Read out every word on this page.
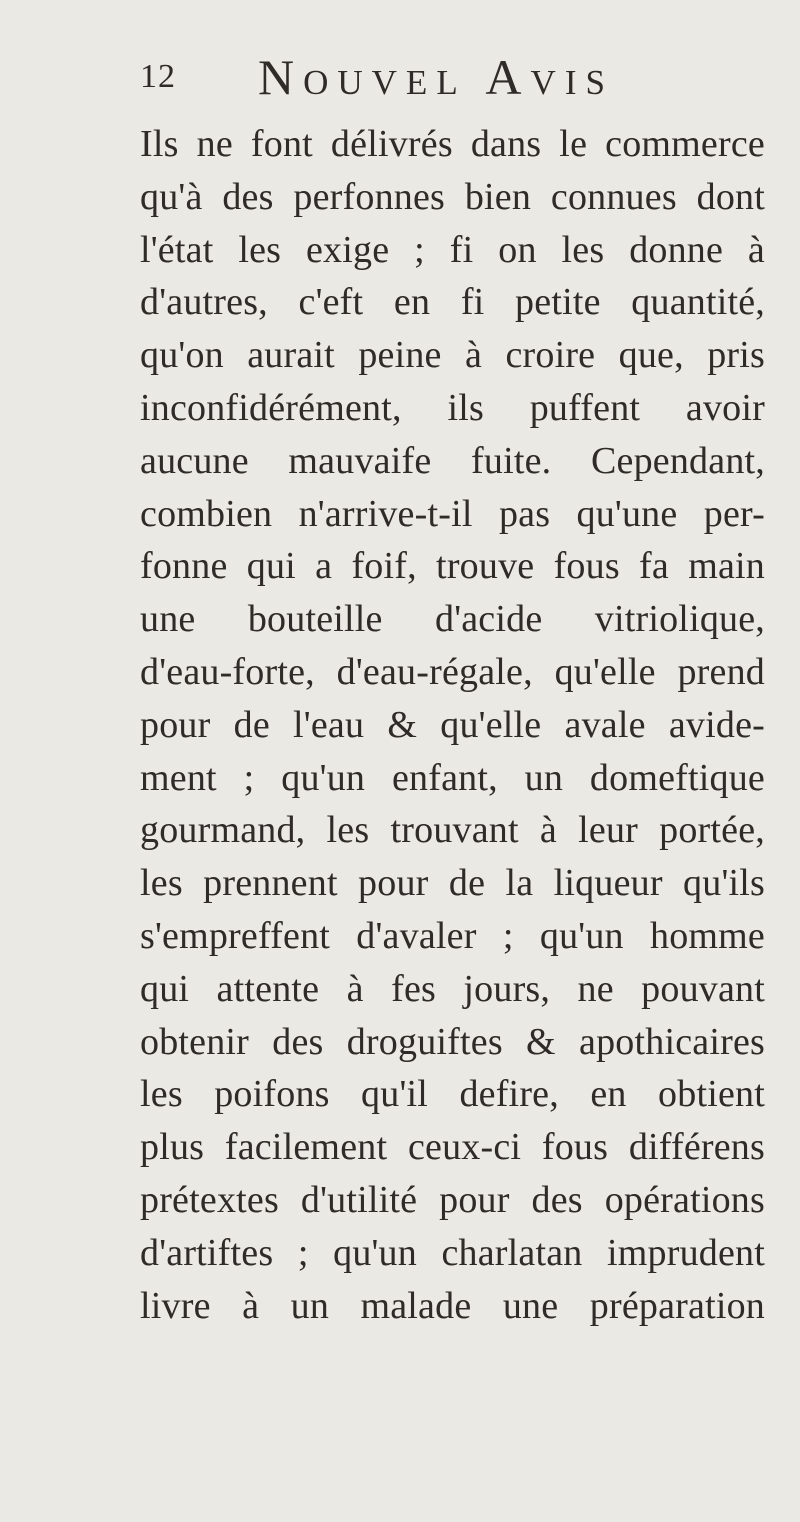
12 Nouvel Avis
Ils ne font délivrés dans le commerce
qu'à des perfonnes bien connues dont
l'état les exige ; fi on les donne à
d'autres, c'eft en fi petite quantité,
qu'on aurait peine à croire que, pris
inconfidérément, ils puffent avoir
aucune mauvaife fuite. Cependant,
combien n'arrive-t-il pas qu'une per-
fonne qui a foif, trouve fous fa main
une bouteille d'acide vitriolique,
d'eau-forte, d'eau-régale, qu'elle prend
pour de l'eau & qu'elle avale avide-
ment ; qu'un enfant, un domeftique
gourmand, les trouvant à leur portée,
les prennent pour de la liqueur qu'ils
s'empreffent d'avaler ; qu'un homme
qui attente à fes jours, ne pouvant
obtenir des droguiftes & apothicaires
les poifons qu'il defire, en obtient
plus facilement ceux-ci fous différens
prétextes d'utilité pour des opérations
d'artiftes ; qu'un charlatan imprudent
livre à un malade une préparation
